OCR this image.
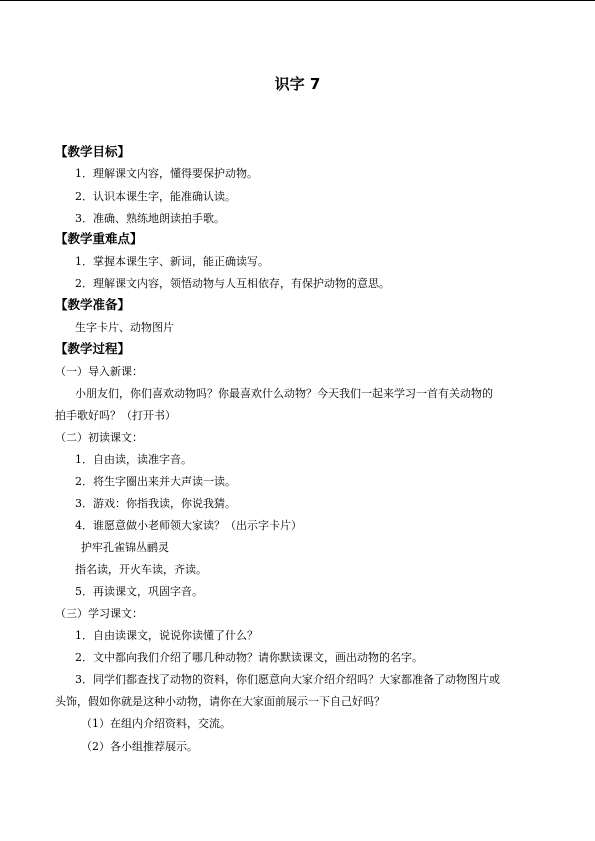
识字 7
【教学目标】
1．理解课文内容，懂得要保护动物。
2．认识本课生字，能准确认读。
3．准确、熟练地朗读拍手歌。
【教学重难点】
1．掌握本课生字、新词，能正确读写。
2．理解课文内容，领悟动物与人互相依存，有保护动物的意思。
【教学准备】
生字卡片、动物图片
【教学过程】
（一）导入新课：
小朋友们，你们喜欢动物吗？你最喜欢什么动物？今天我们一起来学习一首有关动物的
拍手歌好吗？（打开书）
（二）初读课文：
1．自由读，读准字音。
2．将生字圈出来并大声读一读。
3．游戏：你指我读，你说我猜。
4．谁愿意做小老师领大家读？（出示字卡片）
护牢孔雀锦丛鹂灵
指名读，开火车读，齐读。
5．再读课文，巩固字音。
（三）学习课文：
1．自由读课文，说说你读懂了什么？
2．文中都向我们介绍了哪几种动物？请你默读课文，画出动物的名字。
3．同学们都查找了动物的资料，你们愿意向大家介绍介绍吗？大家都准备了动物图片或
头饰，假如你就是这种小动物，请你在大家面前展示一下自己好吗？
（1）在组内介绍资料，交流。
（2）各小组推荐展示。
